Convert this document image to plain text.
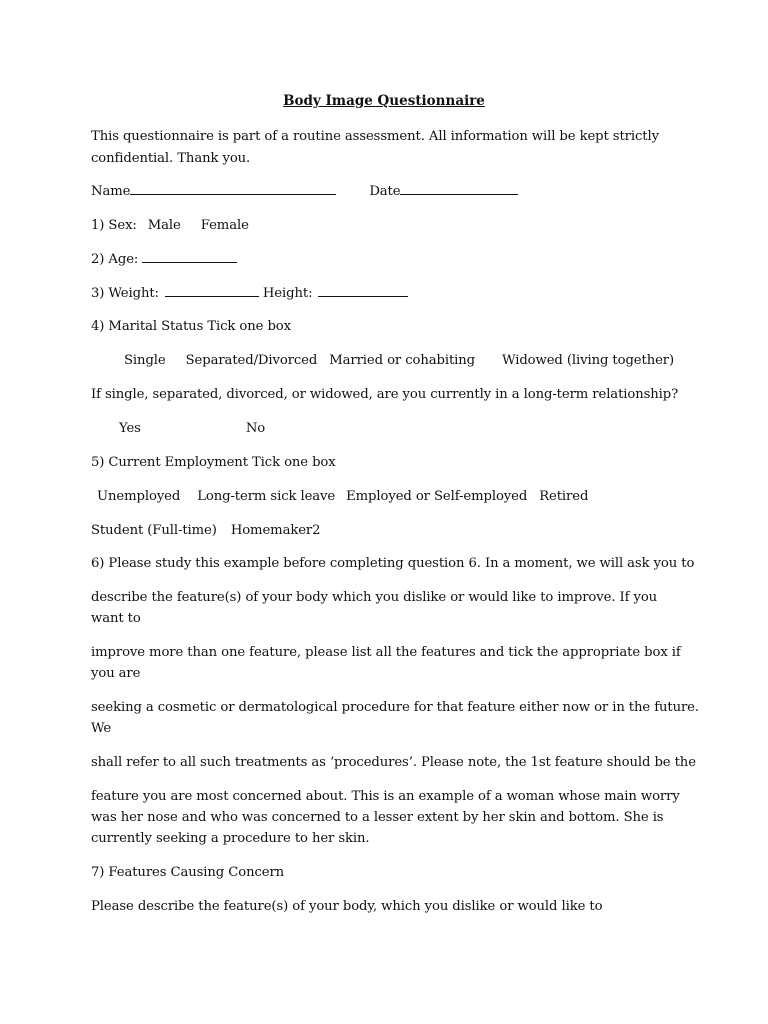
Body Image Questionnaire
This questionnaire is part of a routine assessment. All information will be kept strictly
confidential. Thank you.
Name	Date
1) Sex: Male Female
2) Age:
3) Weight:	Height:
4) Marital Status Tick one box
Single Separated/Divorced Married or cohabiting Widowed (living together)
If single, separated, divorced, or widowed, are you currently in a long-term relationship?
Yes	No
5) Current Employment Tick one box
Unemployed Long-term sick leave Employed or Self-employed Retired
Student (Full-time) Homemaker2
6) Please study this example before completing question 6. In a moment, we will ask you to
describe the feature(s) of your body which you dislike or would like to improve. If you
want to
improve more than one feature, please list all the features and tick the appropriate box if
you are
seeking a cosmetic or dermatological procedure for that feature either now or in the future.
We
shall refer to all such treatments as ‘procedures’. Please note, the 1st feature should be the
feature you are most concerned about. This is an example of a woman whose main worry
was her nose and who was concerned to a lesser extent by her skin and bottom. She is
currently seeking a procedure to her skin.
7) Features Causing Concern
Please describe the feature(s) of your body, which you dislike or would like to
